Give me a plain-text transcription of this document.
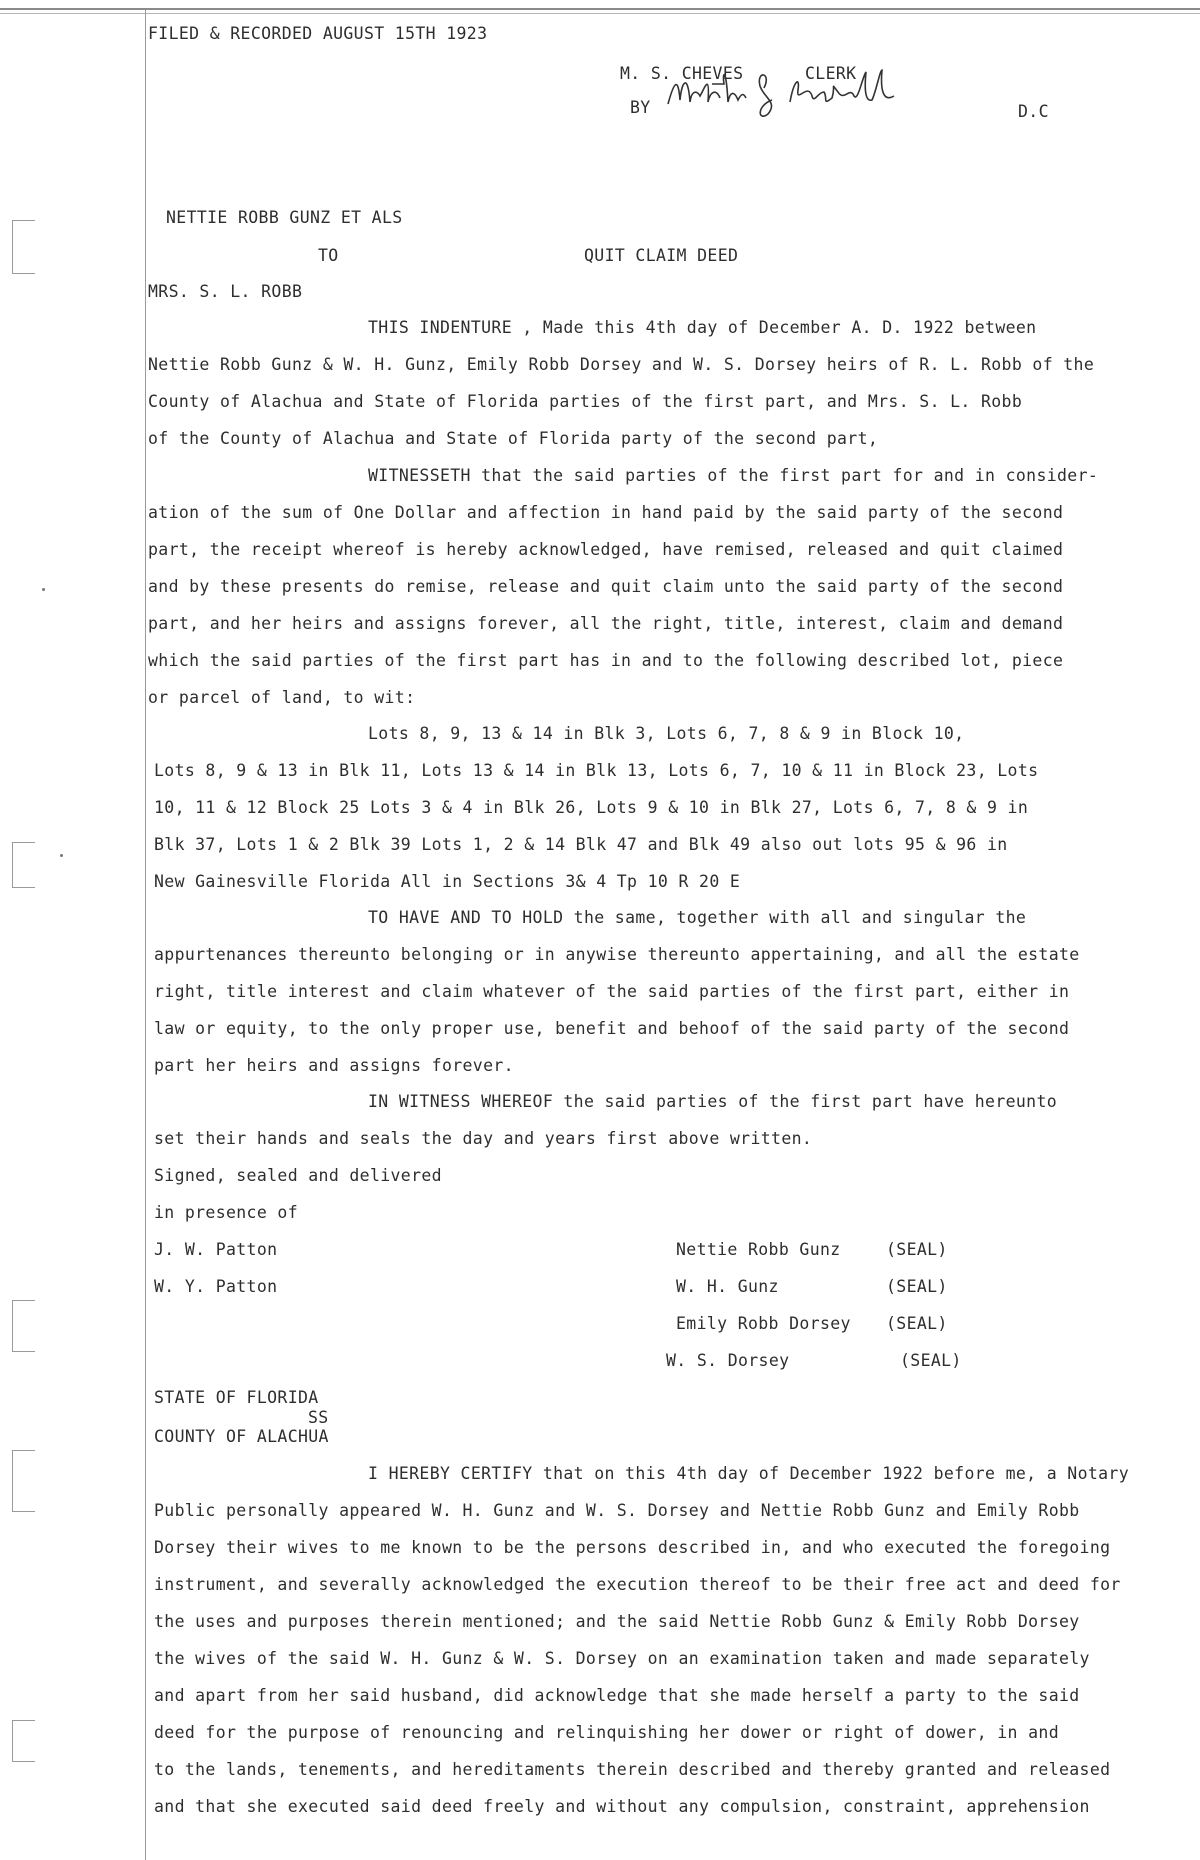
FILED & RECORDED AUGUST 15TH 1923
M. S. CHEVES	CLERK
BY	D.C
NETTIE ROBB GUNZ ET ALS
TO	QUIT CLAIM DEED
MRS. S. L. ROBB
THIS INDENTURE , Made this 4th day of December A. D. 1922 between
Nettie Robb Gunz & W. H. Gunz, Emily Robb Dorsey and W. S. Dorsey heirs of R. L. Robb of the
County of Alachua and State of Florida parties of the first part, and Mrs. S. L. Robb
of the County of Alachua and State of Florida party of the second part,
WITNESSETH that the said parties of the first part for and in consider-
ation of the sum of One Dollar and affection in hand paid by the said party of the second
part, the receipt whereof is hereby acknowledged, have remised, released and quit claimed
and by these presents do remise, release and quit claim unto the said party of the second
part, and her heirs and assigns forever, all the right, title, interest, claim and demand
which the said parties of the first part has in and to the following described lot, piece
or parcel of land, to wit:
Lots 8, 9, 13 & 14 in Blk 3, Lots 6, 7, 8 & 9 in Block 10,
Lots 8, 9 & 13 in Blk 11, Lots 13 & 14 in Blk 13, Lots 6, 7, 10 & 11 in Block 23, Lots
10, 11 & 12 Block 25 Lots 3 & 4 in Blk 26, Lots 9 & 10 in Blk 27, Lots 6, 7, 8 & 9 in
Blk 37, Lots 1 & 2 Blk 39 Lots 1, 2 & 14 Blk 47 and Blk 49 also out lots 95 & 96 in
New Gainesville Florida All in Sections 3& 4 Tp 10 R 20 E
TO HAVE AND TO HOLD the same, together with all and singular the
appurtenances thereunto belonging or in anywise thereunto appertaining, and all the estate
right, title interest and claim whatever of the said parties of the first part, either in
law or equity, to the only proper use, benefit and behoof of the said party of the second
part her heirs and assigns forever.
IN WITNESS WHEREOF the said parties of the first part have hereunto
set their hands and seals the day and years first above written.
Signed, sealed and delivered
in presence of
J. W. Patton
W. Y. Patton
Nettie Robb Gunz	(SEAL)
W. H. Gunz	(SEAL)
Emily Robb Dorsey (SEAL)
W. S. Dorsey	(SEAL)
STATE OF FLORIDA
SS
COUNTY OF ALACHUA
I HEREBY CERTIFY that on this 4th day of December 1922 before me, a Notary
Public personally appeared W. H. Gunz and W. S. Dorsey and Nettie Robb Gunz and Emily Robb
Dorsey their wives to me known to be the persons described in, and who executed the foregoing
instrument, and severally acknowledged the execution thereof to be their free act and deed for
the uses and purposes therein mentioned; and the said Nettie Robb Gunz & Emily Robb Dorsey
the wives of the said W. H. Gunz & W. S. Dorsey on an examination taken and made separately
and apart from her said husband, did acknowledge that she made herself a party to the said
deed for the purpose of renouncing and relinquishing her dower or right of dower, in and
to the lands, tenements, and hereditaments therein described and thereby granted and released
and that she executed said deed freely and without any compulsion, constraint, apprehension
